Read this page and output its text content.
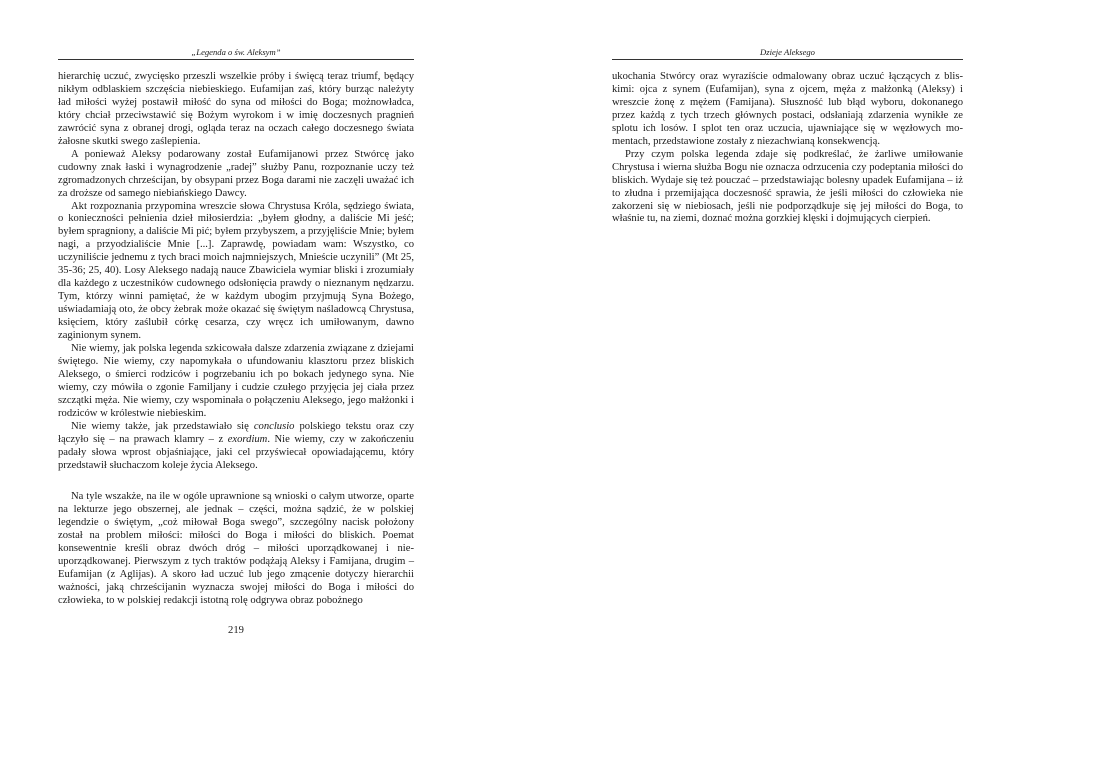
„Legenda o św. Aleksym”

hierarchię uczuć, zwycięsko przeszli wszelkie próby i święcą teraz triumf, będący nikłym odblaskiem szczęścia niebieskiego. Eufamijan zaś, który burząc należyty ład miłości wyżej postawił miłość do syna od miłości do Boga; możnowładca, który chciał przeciwstawić się Bożym wyrokom i w imię doczesnych pragnień zawrócić syna z obranej drogi, ogląda teraz na oczach całego doczesnego świata żałosne skutki swego zaślepienia.

A ponieważ Aleksy podarowany został Eufamijanowi przez Stwórcę jako cudowny znak łaski i wynagrodzenie „radej” służby Panu, rozpoznanie uczy też zgromadzonych chrześcijan, by obsypani przez Boga darami nie zaczęli uważać ich za droższe od samego niebiańskiego Dawcy.

Akt rozpoznania przypomina wreszcie słowa Chrystusa Króla, sędziego świata, o konieczności pełnienia dzieł miłosierdzia: „byłem głodny, a daliście Mi jeść; byłem spragniony, a daliście Mi pić; byłem przybyszem, a przyjęliście Mnie; byłem nagi, a przyodzialiście Mnie [...]. Zaprawdę, powiadam wam: Wszystko, co uczyniliście jednemu z tych braci moich najmniejszych, Mnieście uczynili” (Mt 25, 35-36; 25, 40). Losy Aleksego nadają nauce Zbawiciela wymiar bliski i zrozumiały dla każdego z uczestników cudownego odsłonięcia prawdy o nieznanym nędzarzu. Tym, którzy winni pamiętać, że w każdym ubogim przyjmują Syna Bożego, uświadamiają oto, że obcy żebrak może okazać się świętym naśladowcą Chrystusa, księciem, który zaślubił córkę cesarza, czy wręcz ich umiłowanym, dawno zaginionym synem.

Nie wiemy, jak polska legenda szkicowała dalsze zdarzenia związane z dziejami świętego. Nie wiemy, czy napomykała o ufundowaniu klasztoru przez bliskich Aleksego, o śmierci rodziców i pogrzebaniu ich po bokach jedynego syna. Nie wiemy, czy mówiła o zgonie Familjany i cudzie czułego przyjęcia jej ciała przez szczątki męża. Nie wiemy, czy wspominała o połączeniu Aleksego, jego małżonki i rodziców w królestwie niebieskim.

Nie wiemy także, jak przedstawiało się conclusio polskiego tekstu oraz czy łączyło się – na prawach klamry – z exordium. Nie wiemy, czy w zakończeniu padały słowa wprost objaśniające, jaki cel przyświecał opowiadającemu, który przedstawił słuchaczom koleje życia Aleksego.

Na tyle wszakże, na ile w ogóle uprawnione są wnioski o całym utworze, oparte na lekturze jego obszernej, ale jednak – części, można sądzić, że w polskiej legendzie o świętym, „coż miłował Boga swego”, szczególny nacisk położony został na problem miłości: miłości do Boga i miłości do bliskich. Poemat konsewentnie kreśli obraz dwóch dróg – miłości uporządkowanej i nieuporządkowanej. Pierwszym z tych traktów podążają Aleksy i Famijana, drugim – Eufamijan (z Aglijas). A skoro ład uczuć lub jego zmącenie dotyczy hierarchii ważności, jaką chrześcijanin wyznacza swojej miłości do Boga i miłości do człowieka, to w polskiej redakcji istotną rolę odgrywa obraz pobożnego

219
Dzieje Aleksego

ukochania Stwórcy oraz wyrazíście odmalowany obraz uczuć łączących z bliskimi: ojca z synem (Eufamijan), syna z ojcem, męża z małżonką (Aleksy) i wreszcie żonę z mężem (Famijana). Słuszność lub błąd wyboru, dokonanego przez każdą z tych trzech głównych postaci, odsłaniają zdarzenia wynikłe ze splotu ich losów. I splot ten oraz uczucia, ujawniające się w węzłowych momentach, przedstawione zostały z niezachwianą konsekwencją.

Przy czym polska legenda zdaje się podkreślać, że żarliwe umiłowanie Chrystusa i wierna służba Bogu nie oznacza odrzucenia czy podeptania miłości do bliskich. Wydaje się też pouczać – przedstawiając bolesny upadek Eufamijana – iż to złudna i przemijająca doczesność sprawia, że jeśli miłości do człowieka nie zakorzeni się w niebiosach, jeśli nie podporządkuje się jej miłości do Boga, to właśnie tu, na ziemi, doznać można gorzkiej klęski i dojmujących cierpień.
